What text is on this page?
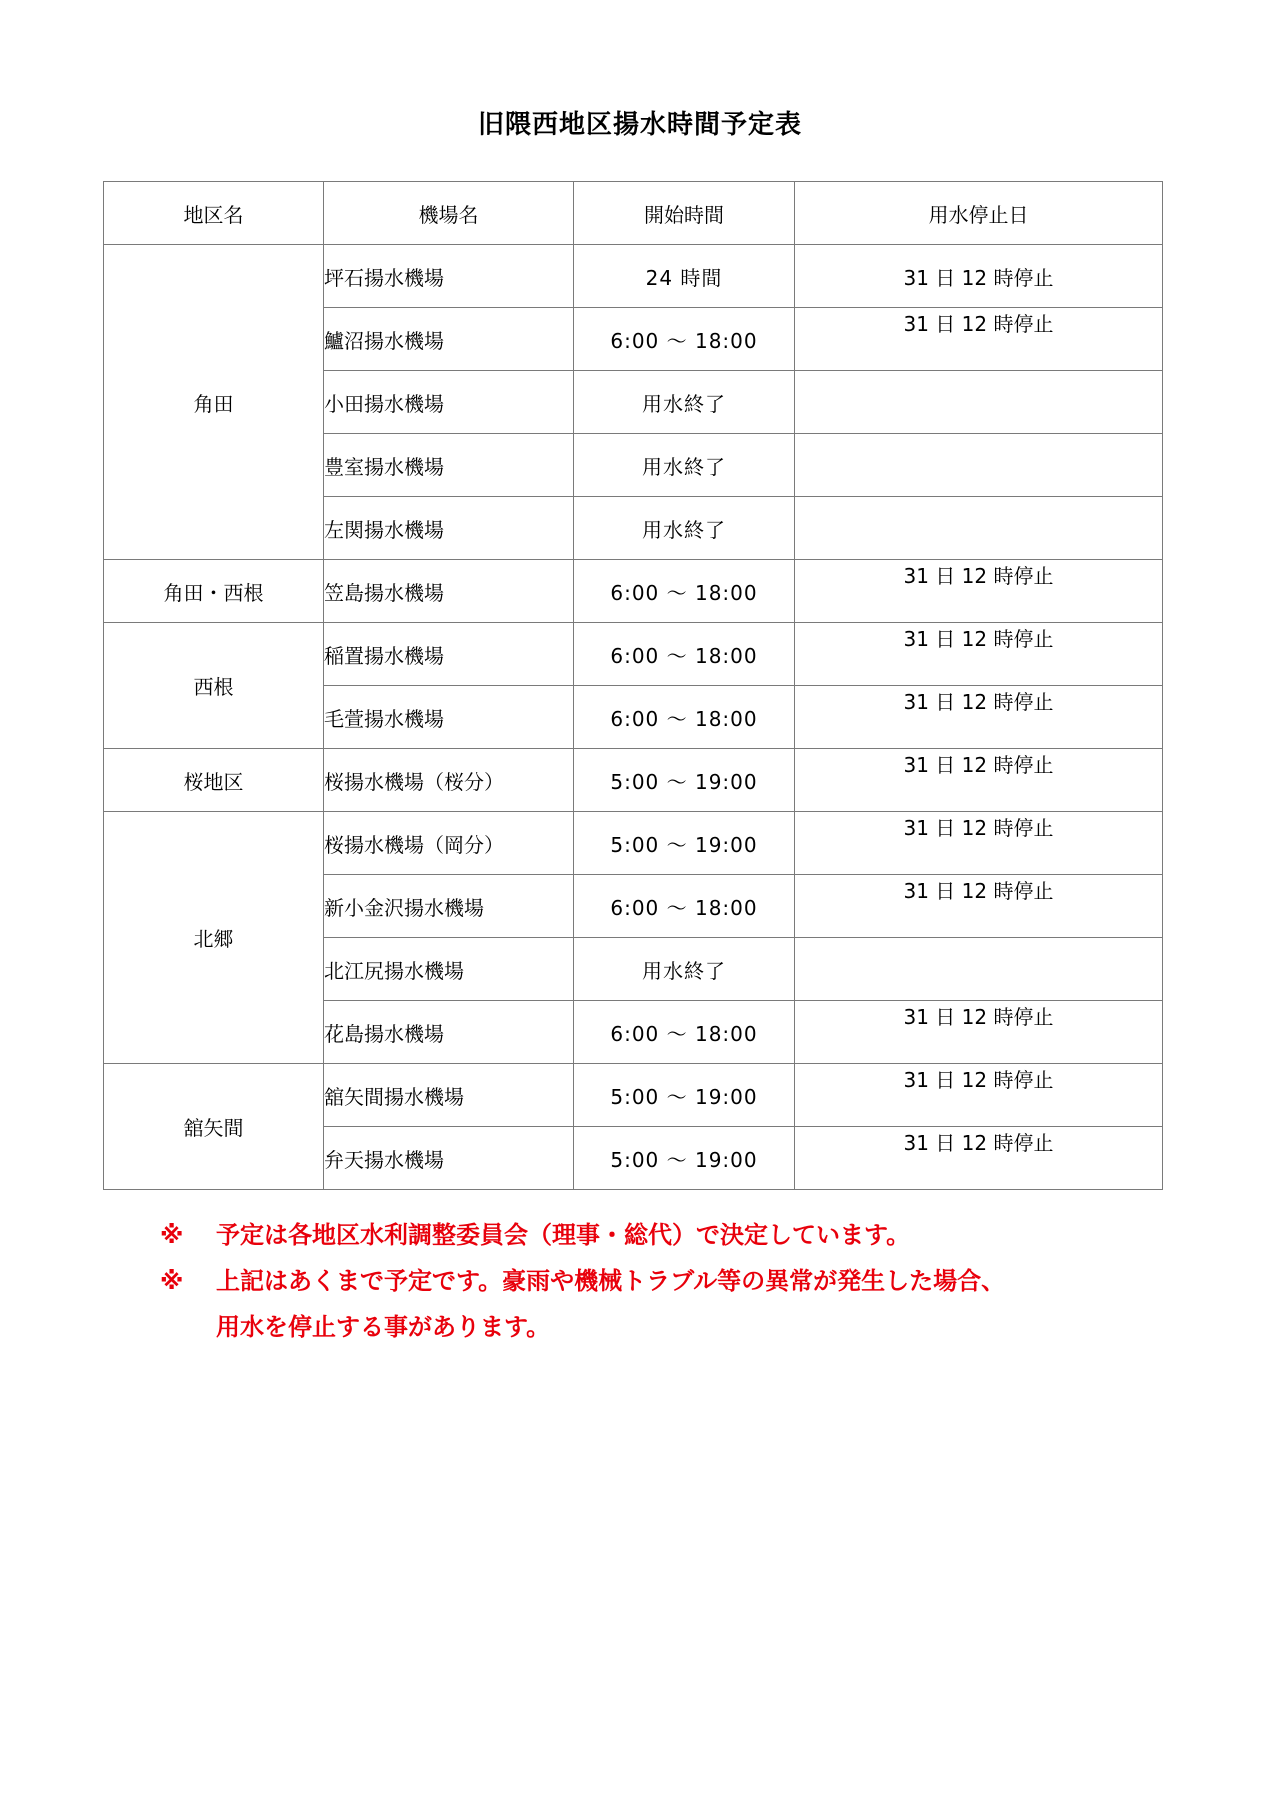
旧隈西地区揚水時間予定表
地区名	機場名	開始時間	用水停止日
角田	坪石揚水機場	24 時間	31 日 12 時停止
	鱸沼揚水機場	6:00 ～ 18:00	31 日 12 時停止
	小田揚水機場	用水終了	
	豊室揚水機場	用水終了	
	左関揚水機場	用水終了	
角田・西根	笠島揚水機場	6:00 ～ 18:00	31 日 12 時停止
西根	稲置揚水機場	6:00 ～ 18:00	31 日 12 時停止
	毛萱揚水機場	6:00 ～ 18:00	31 日 12 時停止
桜地区	桜揚水機場（桜分）	5:00 ～ 19:00	31 日 12 時停止
北郷	桜揚水機場（岡分）	5:00 ～ 19:00	31 日 12 時停止
	新小金沢揚水機場	6:00 ～ 18:00	31 日 12 時停止
	北江尻揚水機場	用水終了	
	花島揚水機場	6:00 ～ 18:00	31 日 12 時停止
舘矢間	舘矢間揚水機場	5:00 ～ 19:00	31 日 12 時停止
	弁天揚水機場	5:00 ～ 19:00	31 日 12 時停止
※ 予定は各地区水利調整委員会（理事・総代）で決定しています。
※ 上記はあくまで予定です。豪雨や機械トラブル等の異常が発生した場合、
用水を停止する事があります。
